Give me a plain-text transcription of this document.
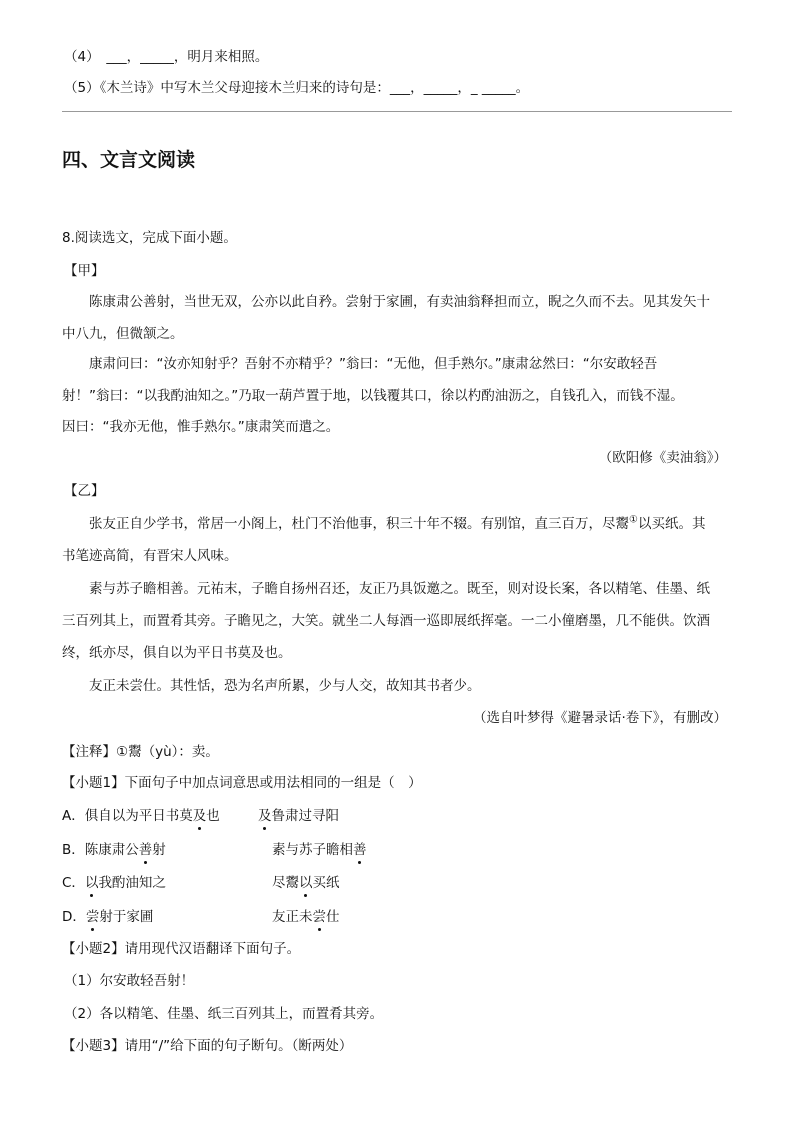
（4）　___，_____，明月来相照。
（5）《木兰诗》中写木兰父母迎接木兰归来的诗句是：___，_____，_ _____。
四、文言文阅读
8.阅读选文，完成下面小题。
【甲】
陈康肃公善射，当世无双，公亦以此自矜。尝射于家圃，有卖油翁释担而立，睨之久而不去。见其发矢十
中八九，但微颔之。
康肃问曰：“汝亦知射乎？吾射不亦精乎？”翁曰：“无他，但手熟尔。”康肃忿然曰：“尔安敢轻吾
射！”翁曰：“以我酌油知之。”乃取一葫芦置于地，以钱覆其口，徐以杓酌油沥之，自钱孔入，而钱不湿。
因曰：“我亦无他，惟手熟尔。”康肃笑而遣之。
（欧阳修《卖油翁》）
【乙】
张友正自少学书，常居一小阁上，杜门不治他事，积三十年不辍。有别馆，直三百万，尽鬻①以买纸。其
书笔迹高简，有晋宋人风味。
素与苏子瞻相善。元祐末，子瞻自扬州召还，友正乃具饭邀之。既至，则对设长案，各以精笔、佳墨、纸
三百列其上，而置肴其旁。子瞻见之，大笑。就坐二人每酒一巡即展纸挥毫。一二小僮磨墨，几不能供。饮酒
终，纸亦尽，俱自以为平日书莫及也。
友正未尝仕。其性恬，恐为名声所累，少与人交，故知其书者少。
（选自叶梦得《避暑录话·卷下》，有删改）
【注释】①鬻（yù）：卖。
【小题1】下面句子中加点词意思或用法相同的一组是（　）
A．俱自以为平日书莫及也	及鲁肃过寻阳
B．陈康肃公善射	素与苏子瞻相善
C．以我酌油知之	尽鬻以买纸
D．尝射于家圃	友正未尝仕
【小题2】请用现代汉语翻译下面句子。
（1）尔安敢轻吾射！
（2）各以精笔、佳墨、纸三百列其上，而置肴其旁。
【小题3】请用“/”给下面的句子断句。（断两处）
